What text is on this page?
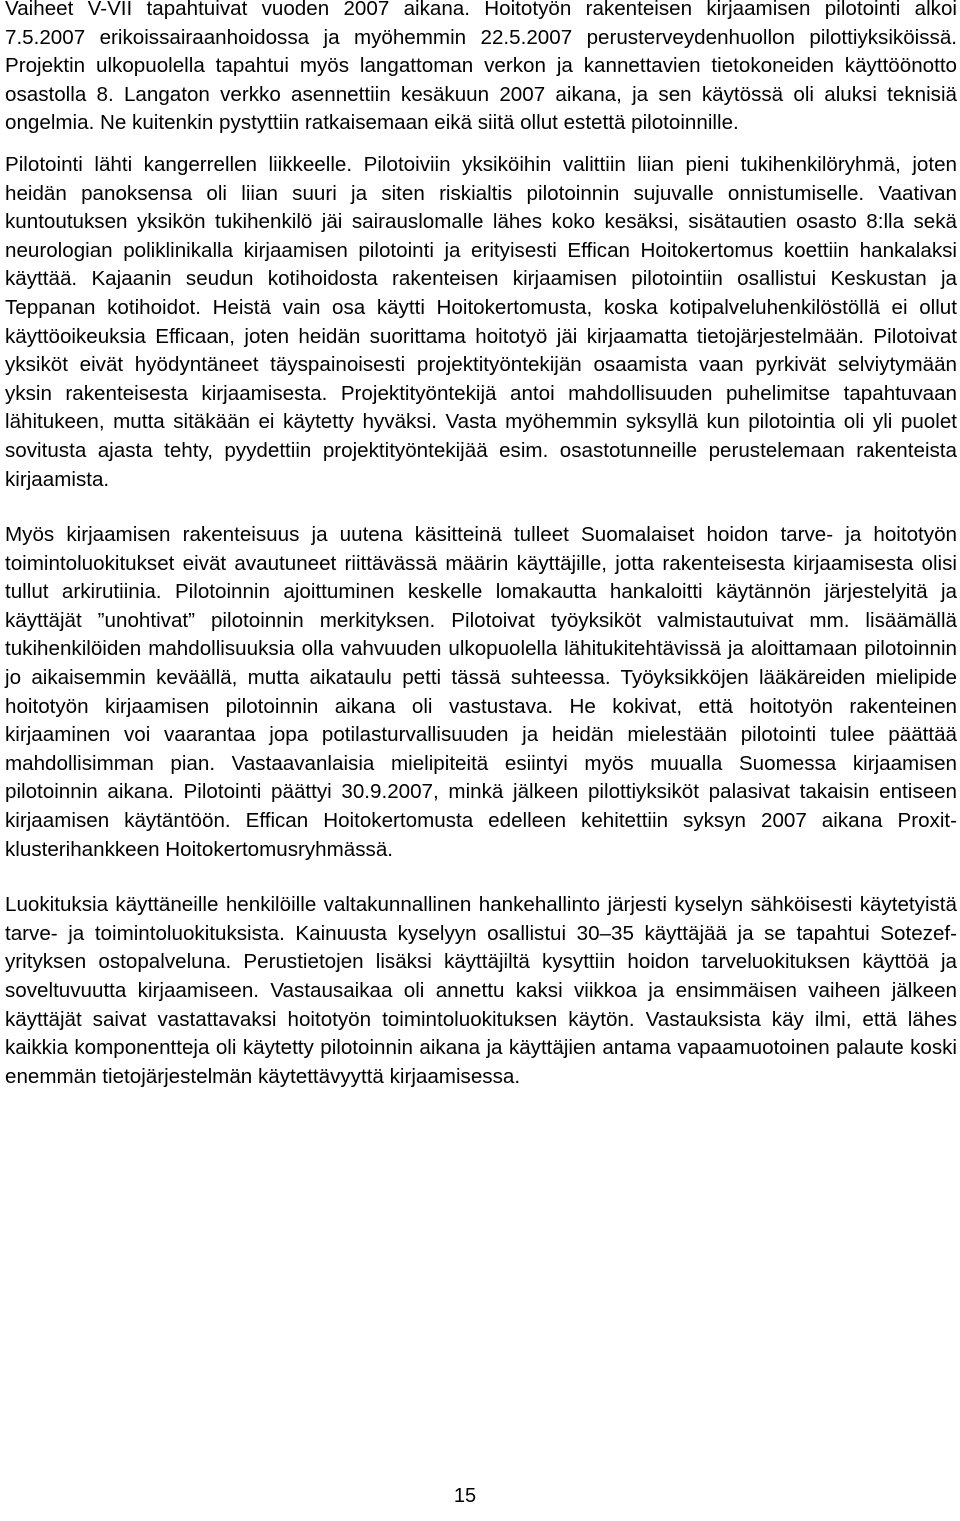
Vaiheet V-VII tapahtuivat vuoden 2007 aikana. Hoitotyön rakenteisen kirjaamisen pilotointi alkoi 7.5.2007 erikoissairaanhoidossa ja myöhemmin 22.5.2007 perusterveydenhuollon pilottiyksiköissä. Projektin ulkopuolella tapahtui myös langattoman verkon ja kannettavien tietokoneiden käyttöönotto osastolla 8. Langaton verkko asennettiin kesäkuun 2007 aikana, ja sen käytössä oli aluksi teknisiä ongelmia. Ne kuitenkin pystyttiin ratkaisemaan eikä siitä ollut estettä pilotoinnille.

Pilotointi lähti kangerrellen liikkeelle. Pilotoiviin yksiköihin valittiin liian pieni tukihenkilöryhmä, joten heidän panoksensa oli liian suuri ja siten riskialtis pilotoinnin sujuvalle onnistumiselle. Vaativan kuntoutuksen yksikön tukihenkilö jäi sairauslomalle lähes koko kesäksi, sisätautien osasto 8:lla sekä neurologian poliklinikalla kirjaamisen pilotointi ja erityisesti Effican Hoitokertomus koettiin hankalaksi käyttää. Kajaanin seudun kotihoidosta rakenteisen kirjaamisen pilotointiin osallistui Keskustan ja Teppanan kotihoidot. Heistä vain osa käytti Hoitokertomusta, koska kotipalveluhenkilöstöllä ei ollut käyttöoikeuksia Efficaan, joten heidän suorittama hoitotyö jäi kirjaamatta tietojärjestelmään. Pilotoivat yksiköt eivät hyödyntäneet täyspainoisesti projektityöntekijän osaamista vaan pyrkivät selviytymään yksin rakenteisesta kirjaamisesta. Projektityöntekijä antoi mahdollisuuden puhelimitse tapahtuvaan lähitukeen, mutta sitäkään ei käytetty hyväksi. Vasta myöhemmin syksyllä kun pilotointia oli yli puolet sovitusta ajasta tehty, pyydettiin projektityöntekijää esim. osastotunneille perustelemaan rakenteista kirjaamista.

Myös kirjaamisen rakenteisuus ja uutena käsitteinä tulleet Suomalaiset hoidon tarve- ja hoitotyön toimintoluokitukset eivät avautuneet riittävässä määrin käyttäjille, jotta rakenteisesta kirjaamisesta olisi tullut arkirutiinia. Pilotoinnin ajoittuminen keskelle lomakautta hankaloitti käytännön järjestelyitä ja käyttäjät ”unohtivat” pilotoinnin merkityksen. Pilotoivat työyksiköt valmistautuivat mm. lisäämällä tukihenkilöiden mahdollisuuksia olla vahvuuden ulkopuolella lähitukitehtävissä ja aloittamaan pilotoinnin jo aikaisemmin keväällä, mutta aikataulu petti tässä suhteessa. Työyksikköjen lääkäreiden mielipide hoitotyön kirjaamisen pilotoinnin aikana oli vastustava. He kokivat, että hoitotyön rakenteinen kirjaaminen voi vaarantaa jopa potilasturvallisuuden ja heidän mielestään pilotointi tulee päättää mahdollisimman pian. Vastaavanlaisia mielipiteitä esiintyi myös muualla Suomessa kirjaamisen pilotoinnin aikana. Pilotointi päättyi 30.9.2007, minkä jälkeen pilottiyksiköt palasivat takaisin entiseen kirjaamisen käytäntöön. Effican Hoitokertomusta edelleen kehitettiin syksyn 2007 aikana Proxit-klusterihankkeen Hoitokertomusryhmässä.

Luokituksia käyttäneille henkilöille valtakunnallinen hankehallinto järjesti kyselyn sähköisesti käytetyistä tarve- ja toimintoluokituksista. Kainuusta kyselyyn osallistui 30–35 käyttäjää ja se tapahtui Sotezef-yrityksen ostopalveluna. Perustietojen lisäksi käyttäjiltä kysyttiin hoidon tarveluokituksen käyttöä ja soveltuvuutta kirjaamiseen. Vastausaikaa oli annettu kaksi viikkoa ja ensimmäisen vaiheen jälkeen käyttäjät saivat vastattavaksi hoitotyön toimintoluokituksen käytön. Vastauksista käy ilmi, että lähes kaikkia komponentteja oli käytetty pilotoinnin aikana ja käyttäjien antama vapaamuotoinen palaute koski enemmän tietojärjestelmän käytettävyyttä kirjaamisessa.

15
